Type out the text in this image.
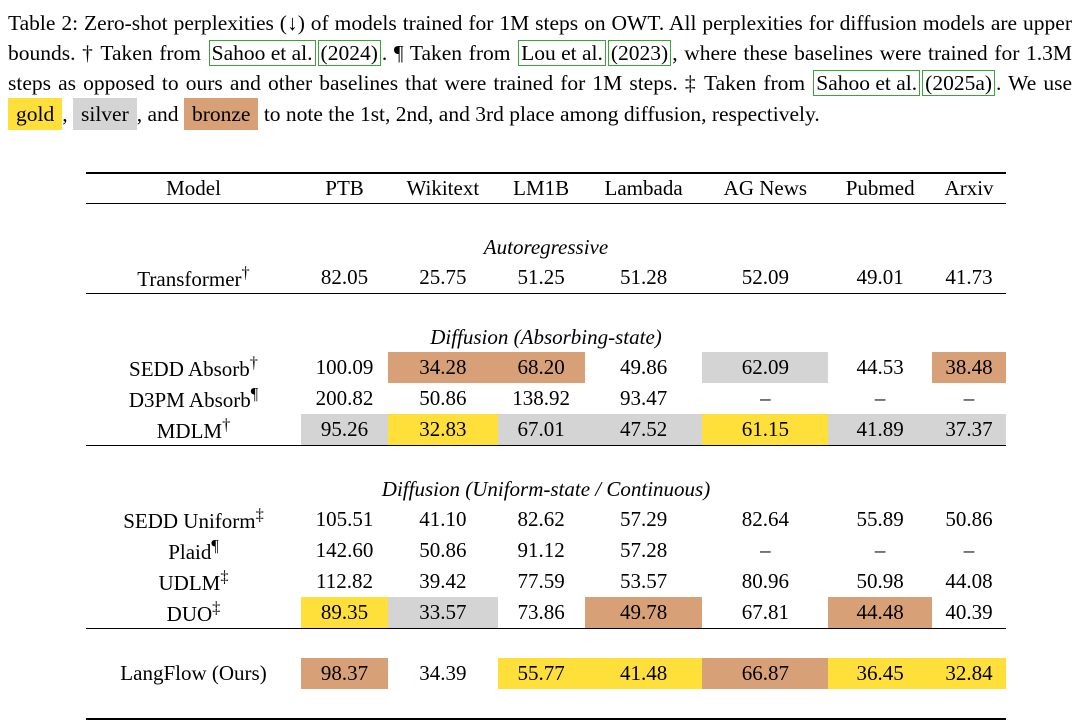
Table 2: Zero-shot perplexities (↓) of models trained for 1M steps on OWT. All perplexities for diffusion models are upper bounds. † Taken from Sahoo et al. (2024) . ¶ Taken from Lou et al. (2023) , where these baselines were trained for 1.3M steps as opposed to ours and other baselines that were trained for 1M steps. ‡ Taken from Sahoo et al. (2025a) . We use gold , silver , and bronze to note the 1st, 2nd, and 3rd place among diffusion, respectively.
Model	PTB	Wikitext	LM1B	Lambada	AG News	Pubmed	Arxiv

Autoregressive							
Transformer†	82.05	25.75	51.25	51.28	52.09	49.01	41.73

Diffusion (Absorbing-state)							
SEDD Absorb†	100.09	34.28	68.20	49.86	62.09	44.53	38.48

D3PM Absorb¶	200.82	50.86	138.92	93.47	–	–	–

MDLM†	95.26	32.83	67.01	47.52	61.15	41.89	37.37

Diffusion (Uniform-state / Continuous)							
SEDD Uniform‡	105.51	41.10	82.62	57.29	82.64	55.89	50.86

Plaid¶	142.60	50.86	91.12	57.28	–	–	–

UDLM‡	112.82	39.42	77.59	53.57	80.96	50.98	44.08

DUO‡	89.35	33.57	73.86	49.78	67.81	44.48	40.39

LangFlow (Ours)	98.37	34.39	55.77	41.48	66.87	36.45	32.84
